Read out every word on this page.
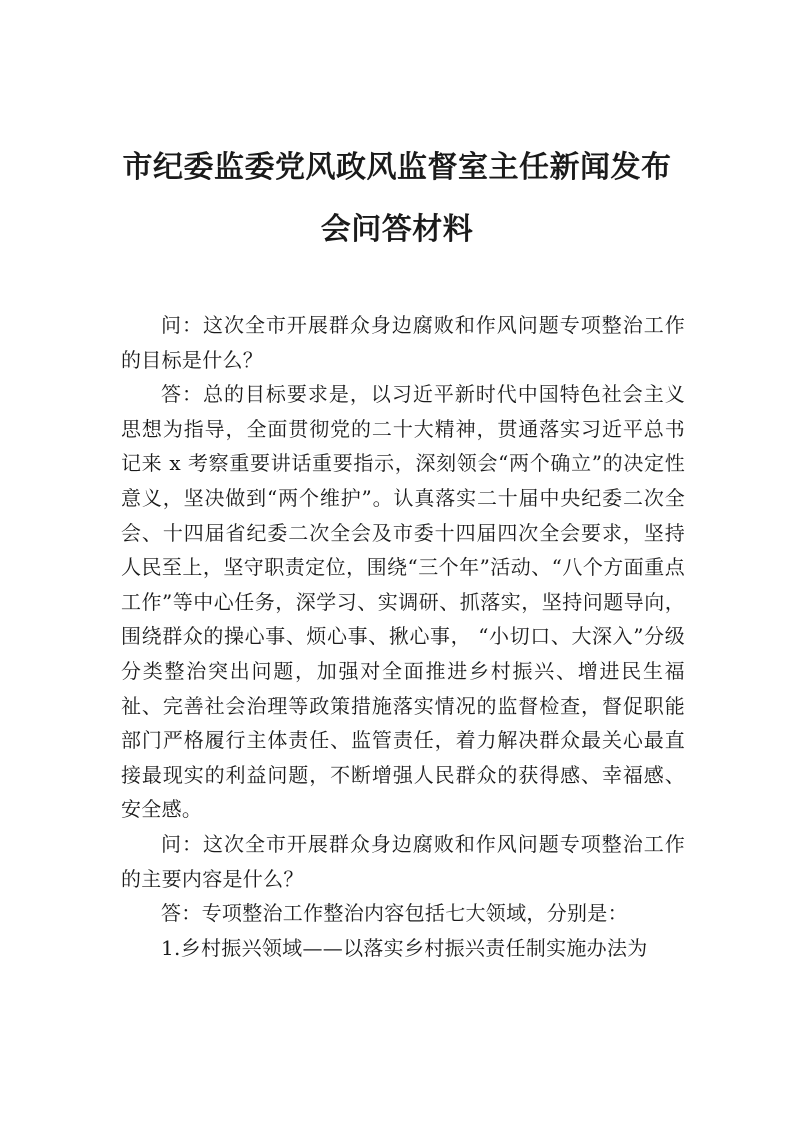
市纪委监委党风政风监督室主任新闻发布
会问答材料

问：这次全市开展群众身边腐败和作风问题专项整治工作的目标是什么？

答：总的目标要求是，以习近平新时代中国特色社会主义思想为指导，全面贯彻党的二十大精神，贯通落实习近平总书记来 x 考察重要讲话重要指示，深刻领会“两个确立”的决定性意义，坚决做到“两个维护”。认真落实二十届中央纪委二次全会、十四届省纪委二次全会及市委十四届四次全会要求，坚持人民至上，坚守职责定位，围绕“三个年”活动、“八个方面重点工作”等中心任务，深学习、实调研、抓落实，坚持问题导向，围绕群众的操心事、烦心事、揪心事， “小切口、大深入”分级分类整治突出问题，加强对全面推进乡村振兴、增进民生福祉、完善社会治理等政策措施落实情况的监督检查，督促职能部门严格履行主体责任、监管责任，着力解决群众最关心最直接最现实的利益问题，不断增强人民群众的获得感、幸福感、安全感。

问：这次全市开展群众身边腐败和作风问题专项整治工作的主要内容是什么？

答：专项整治工作整治内容包括七大领域，分别是：

1.乡村振兴领域——以落实乡村振兴责任制实施办法为
